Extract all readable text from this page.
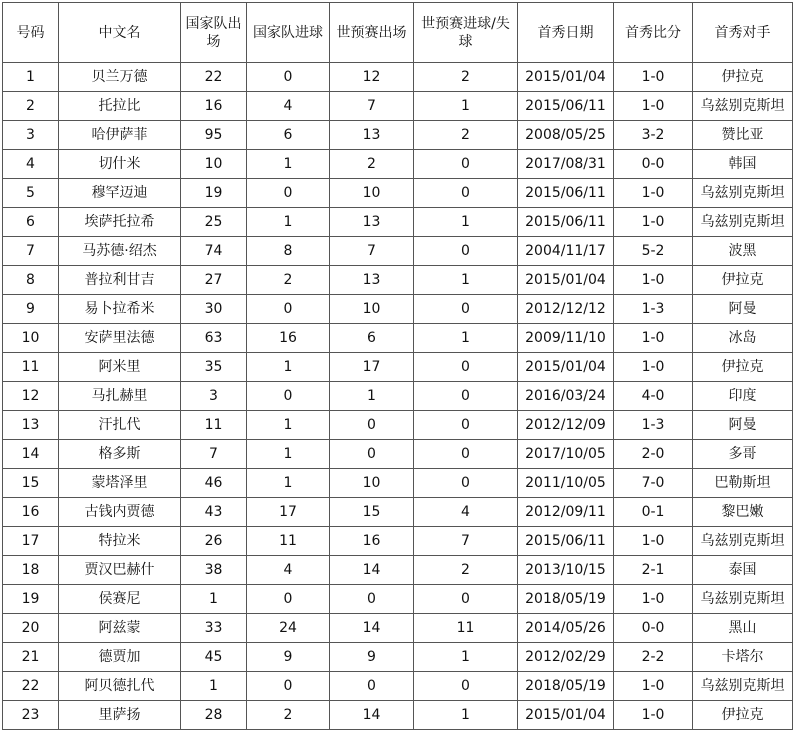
号码	中文名	国家队出场	国家队进球	世预赛出场	世预赛进球/失球	首秀日期	首秀比分	首秀对手
1	贝兰万德	22	0	12	2	2015/01/04	1-0	伊拉克
2	托拉比	16	4	7	1	2015/06/11	1-0	乌兹别克斯坦
3	哈伊萨菲	95	6	13	2	2008/05/25	3-2	赞比亚
4	切什米	10	1	2	0	2017/08/31	0-0	韩国
5	穆罕迈迪	19	0	10	0	2015/06/11	1-0	乌兹别克斯坦
6	埃萨托拉希	25	1	13	1	2015/06/11	1-0	乌兹别克斯坦
7	马苏德·绍杰	74	8	7	0	2004/11/17	5-2	波黑
8	普拉利甘吉	27	2	13	1	2015/01/04	1-0	伊拉克
9	易卜拉希米	30	0	10	0	2012/12/12	1-3	阿曼
10	安萨里法德	63	16	6	1	2009/11/10	1-0	冰岛
11	阿米里	35	1	17	0	2015/01/04	1-0	伊拉克
12	马扎赫里	3	0	1	0	2016/03/24	4-0	印度
13	汗扎代	11	1	0	0	2012/12/09	1-3	阿曼
14	格多斯	7	1	0	0	2017/10/05	2-0	多哥
15	蒙塔泽里	46	1	10	0	2011/10/05	7-0	巴勒斯坦
16	古钱内贾德	43	17	15	4	2012/09/11	0-1	黎巴嫩
17	特拉米	26	11	16	7	2015/06/11	1-0	乌兹别克斯坦
18	贾汉巴赫什	38	4	14	2	2013/10/15	2-1	泰国
19	侯赛尼	1	0	0	0	2018/05/19	1-0	乌兹别克斯坦
20	阿兹蒙	33	24	14	11	2014/05/26	0-0	黑山
21	德贾加	45	9	9	1	2012/02/29	2-2	卡塔尔
22	阿贝德扎代	1	0	0	0	2018/05/19	1-0	乌兹别克斯坦
23	里萨扬	28	2	14	1	2015/01/04	1-0	伊拉克
